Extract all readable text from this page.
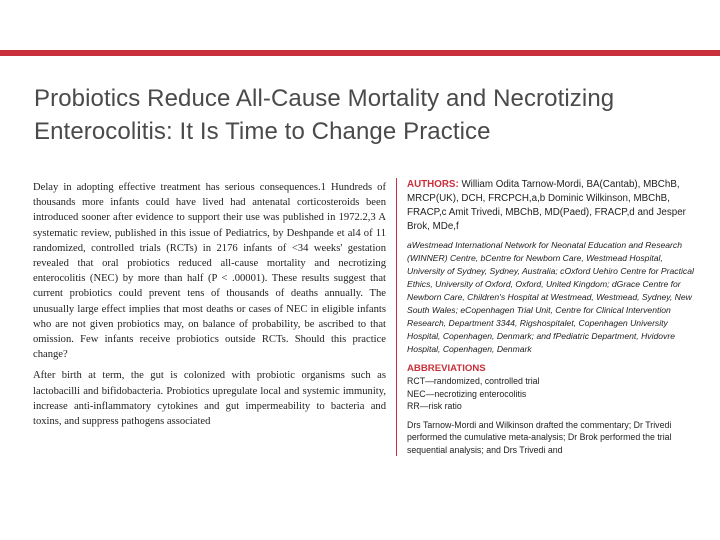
Probiotics Reduce All-Cause Mortality and Necrotizing
Enterocolitis: It Is Time to Change Practice

Delay in adopting effective treatment has serious consequences.1 Hundreds of thousands more infants could have lived had antenatal corticosteroids been introduced sooner after evidence to support their use was published in 1972.2,3 A systematic review, published in this issue of Pediatrics, by Deshpande et al4 of 11 randomized, controlled trials (RCTs) in 2176 infants of <34 weeks' gestation revealed that oral probiotics reduced all-cause mortality and necrotizing enterocolitis (NEC) by more than half (P < .00001). These results suggest that current probiotics could prevent tens of thousands of deaths annually. The unusually large effect implies that most deaths or cases of NEC in eligible infants who are not given probiotics may, on balance of probability, be ascribed to that omission. Few infants receive probiotics outside RCTs. Should this practice change?

After birth at term, the gut is colonized with probiotic organisms such as lactobacilli and bifidobacteria. Probiotics upregulate local and systemic immunity, increase anti-inflammatory cytokines and gut impermeability to bacteria and toxins, and suppress pathogens associated

AUTHORS: William Odita Tarnow-Mordi, BA(Cantab), MBChB, MRCP(UK), DCH, FRCPCH,a,b Dominic Wilkinson, MBChB, FRACP,c Amit Trivedi, MBChB, MD(Paed), FRACP,d and Jesper Brok, MDe,f
aWestmead International Network for Neonatal Education and Research (WINNER) Centre, bCentre for Newborn Care, Westmead Hospital, University of Sydney, Sydney, Australia; cOxford Uehiro Centre for Practical Ethics, University of Oxford, Oxford, United Kingdom; dGrace Centre for Newborn Care, Children's Hospital at Westmead, Westmead, Sydney, New South Wales; eCopenhagen Trial Unit, Centre for Clinical Intervention Research, Department 3344, Rigshospitalet, Copenhagen University Hospital, Copenhagen, Denmark; and fPediatric Department, Hvidovre Hospital, Copenhagen, Denmark
ABBREVIATIONS
RCT—randomized, controlled trial
NEC—necrotizing enterocolitis
RR—risk ratio
Drs Tarnow-Mordi and Wilkinson drafted the commentary; Dr Trivedi performed the cumulative meta-analysis; Dr Brok performed the trial sequential analysis; and Drs Trivedi and
